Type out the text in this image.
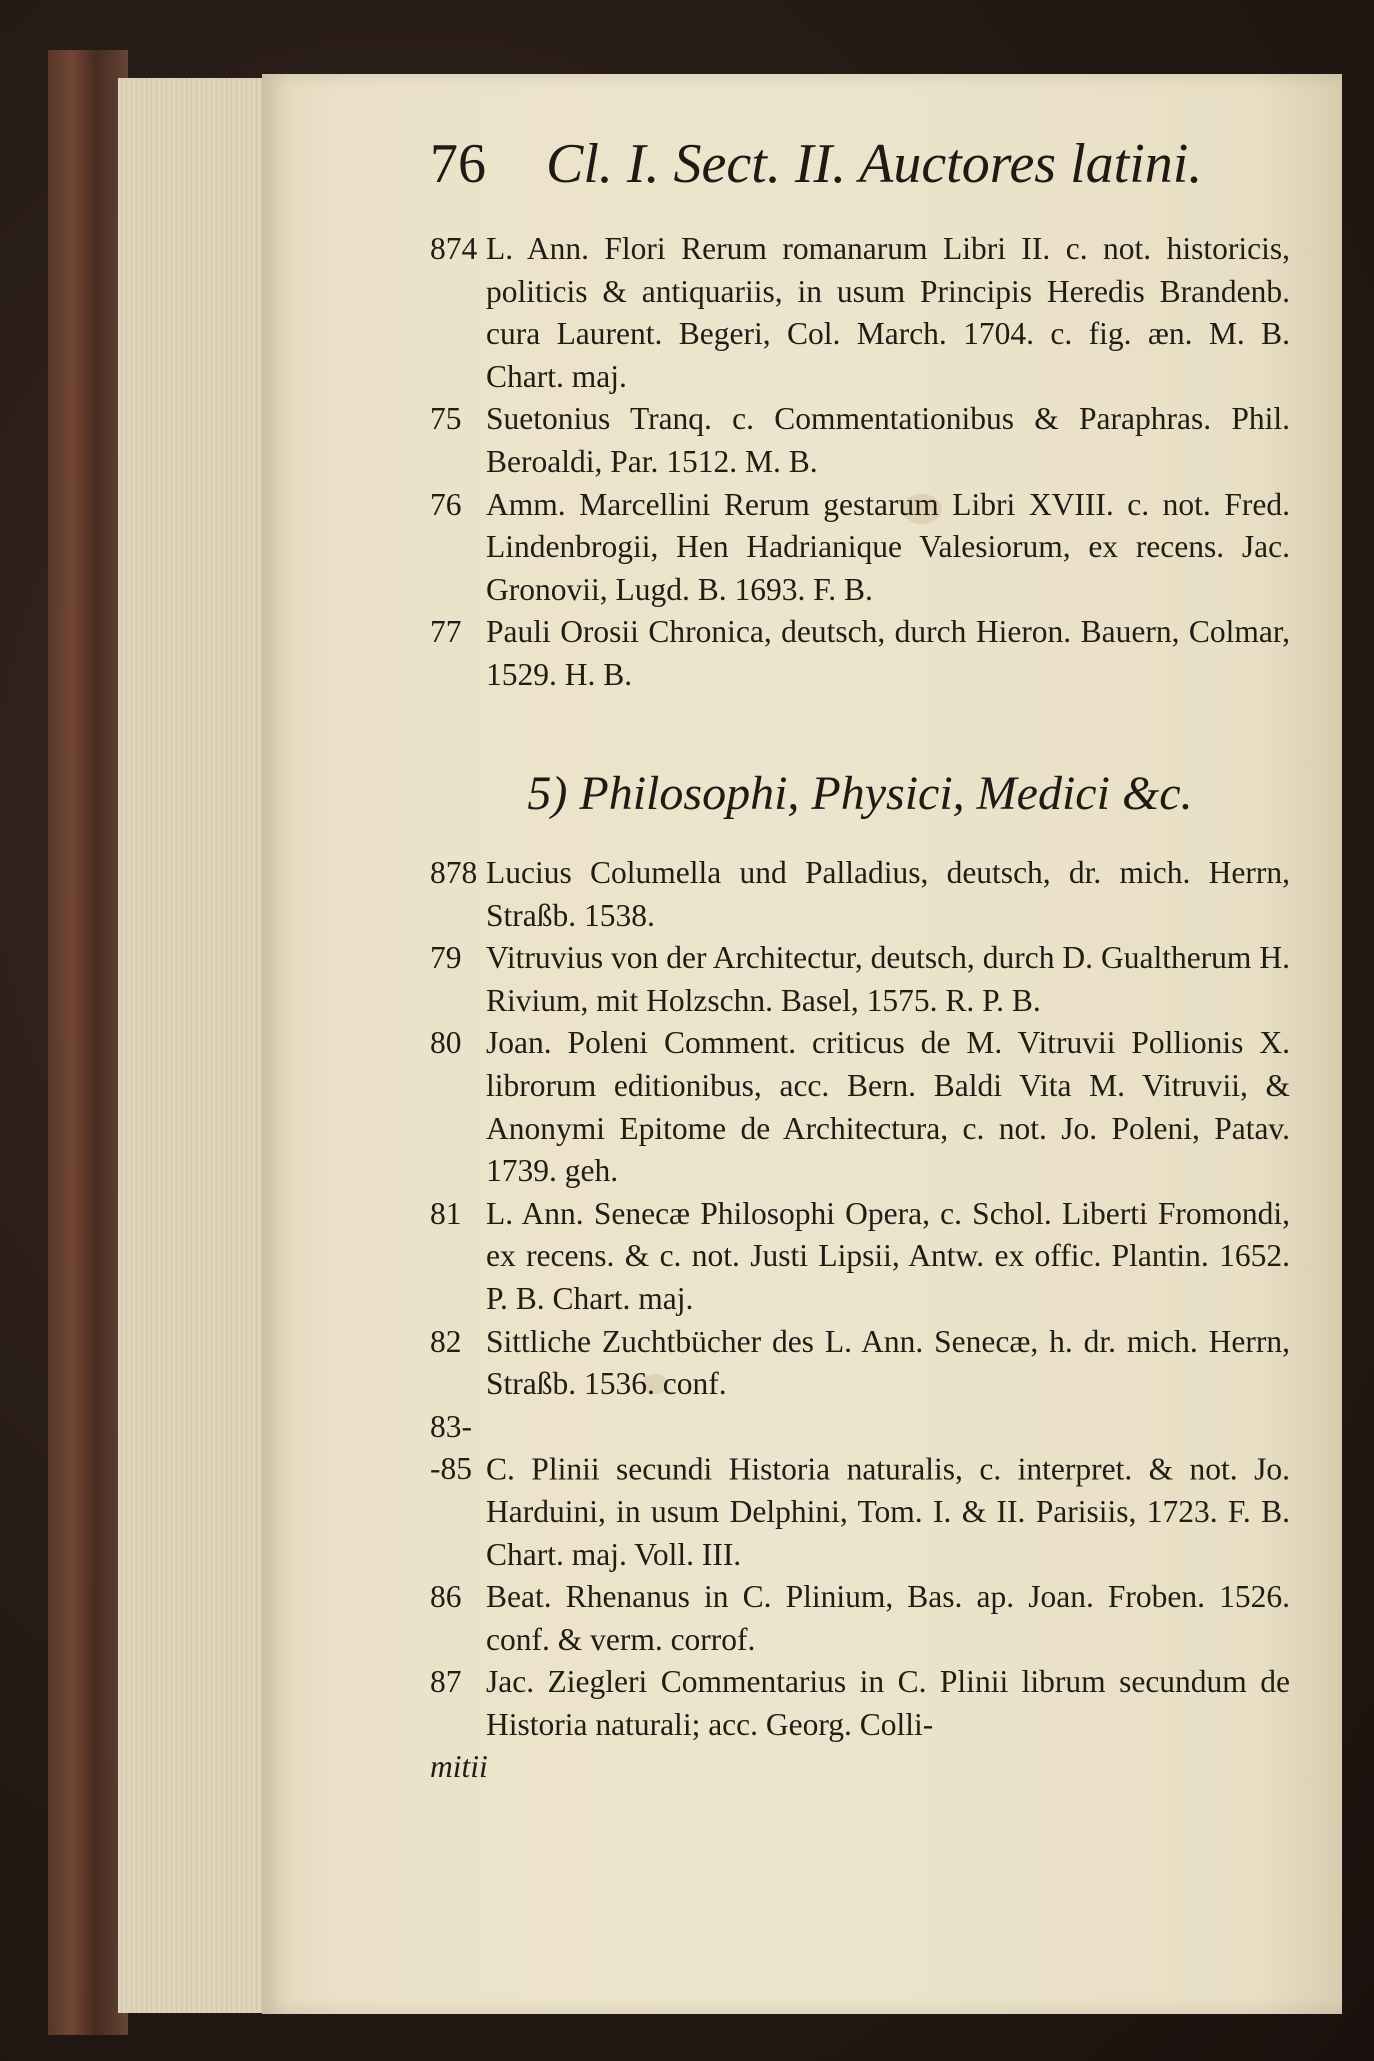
76 Cl. I. Sect. II. Auctores latini.

874 L. Ann. Flori Rerum romanarum Libri II. c. not. historicis, politicis & antiquariis, in usum Principis Heredis Brandenb. cura Laurent. Begeri, Col. March. 1704. c. fig. æn. M. B. Chart. maj.

75 Suetonius Tranq. c. Commentationibus & Paraphras. Phil. Beroaldi, Par. 1512. M. B.

76 Amm. Marcellini Rerum gestarum Libri XVIII. c. not. Fred. Lindenbrogii, Hen Hadrianique Valesiorum, ex recens. Jac. Gronovii, Lugd. B. 1693. F. B.

77 Pauli Orosii Chronica, deutsch, durch Hieron. Bauern, Colmar, 1529. H. B.

5) Philosophi, Physici, Medici &c.

878 Lucius Columella und Palladius, deutsch, dr. mich. Herrn, Straßb. 1538.

79 Vitruvius von der Architectur, deutsch, durch D. Gualtherum H. Rivium, mit Holzschn. Basel, 1575. R. P. B.

80 Joan. Poleni Comment. criticus de M. Vitruvii Pollionis X. librorum editionibus, acc. Bern. Baldi Vita M. Vitruvii, & Anonymi Epitome de Architectura, c. not. Jo. Poleni, Patav. 1739. geh.

81 L. Ann. Senecæ Philosophi Opera, c. Schol. Liberti Fromondi, ex recens. & c. not. Justi Lipsii, Antw. ex offic. Plantin. 1652. P. B. Chart. maj.

82 Sittliche Zuchtbücher des L. Ann. Senecæ, h. dr. mich. Herrn, Straßb. 1536. conf.

83--85 C. Plinii secundi Historia naturalis, c. interpret. & not. Jo. Harduini, in usum Delphini, Tom. I. & II. Parisiis, 1723. F. B. Chart. maj. Voll. III.

86 Beat. Rhenanus in C. Plinium, Bas. ap. Joan. Froben. 1526. conf. & verm. corrof.

87 Jac. Ziegleri Commentarius in C. Plinii librum secundum de Historia naturali; acc. Georg. Colli-

mitii
